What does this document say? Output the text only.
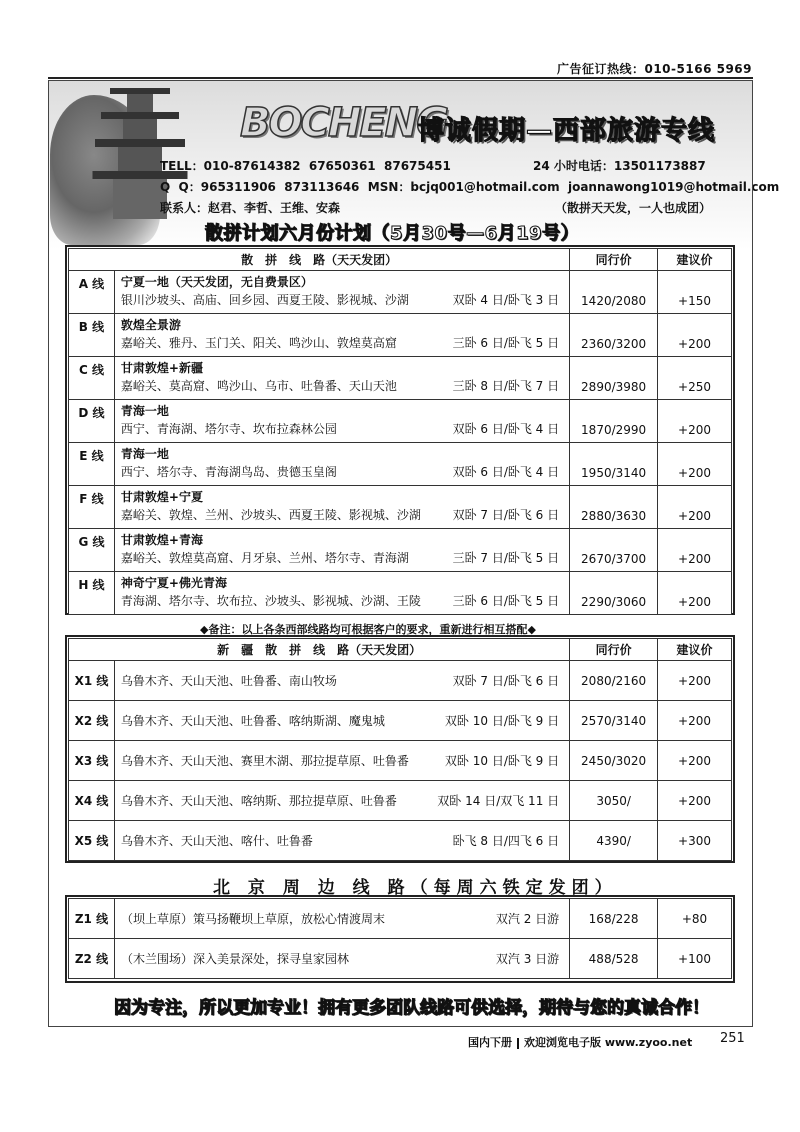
广告征订热线：010-5166 5969
BOCHENG
博诚假期—西部旅游专线
TELL：010-87614382  67650361  87675451	24 小时电话：13501173887
Q  Q：965311906  873113646  MSN：bcjq001@hotmail.com  joannawong1019@hotmail.com
联系人：赵君、李哲、王维、安森	（散拼天天发，一人也成团）
散拼计划六月份计划（5月30号—6月19号）
散　拼　线　路（天天发团）		同行价	建议价
A 线	宁夏一地（天天发团，无自费景区）
银川沙坡头、高庙、回乡园、西夏王陵、影视城、沙湖 双卧 4 日/卧飞 3 日	1420/2080	+150
B 线	敦煌全景游
嘉峪关、雅丹、玉门关、阳关、鸣沙山、敦煌莫高窟 三卧 6 日/卧飞 5 日	2360/3200	+200
C 线	甘肃敦煌+新疆
嘉峪关、莫高窟、鸣沙山、乌市、吐鲁番、天山天池 三卧 8 日/卧飞 7 日	2890/3980	+250
D 线	青海一地
西宁、青海湖、塔尔寺、坎布拉森林公园 双卧 6 日/卧飞 4 日	1870/2990	+200
E 线	青海一地
西宁、塔尔寺、青海湖鸟岛、贵德玉皇阁 双卧 6 日/卧飞 4 日	1950/3140	+200
F 线	甘肃敦煌+宁夏
嘉峪关、敦煌、兰州、沙坡头、西夏王陵、影视城、沙湖 双卧 7 日/卧飞 6 日	2880/3630	+200
G 线	甘肃敦煌+青海
嘉峪关、敦煌莫高窟、月牙泉、兰州、塔尔寺、青海湖 三卧 7 日/卧飞 5 日	2670/3700	+200
H 线	神奇宁夏+佛光青海
青海湖、塔尔寺、坎布拉、沙坡头、影视城、沙湖、王陵 三卧 6 日/卧飞 5 日	2290/3060	+200
◆备注：以上各条西部线路均可根据客户的要求，重新进行相互搭配◆
新　疆　散　拼　线　路（天天发团）		同行价	建议价
X1 线	乌鲁木齐、天山天池、吐鲁番、南山牧场 双卧 7 日/卧飞 6 日	2080/2160	+200
X2 线	乌鲁木齐、天山天池、吐鲁番、喀纳斯湖、魔鬼城 双卧 10 日/卧飞 9 日	2570/3140	+200
X3 线	乌鲁木齐、天山天池、赛里木湖、那拉提草原、吐鲁番 双卧 10 日/卧飞 9 日	2450/3020	+200
X4 线	乌鲁木齐、天山天池、喀纳斯、那拉提草原、吐鲁番 双卧 14 日/双飞 11 日	3050/	+200
X5 线	乌鲁木齐、天山天池、喀什、吐鲁番 卧飞 8 日/四飞 6 日	4390/	+300
北 京 周 边 线 路（每周六铁定发团）
Z1 线	（坝上草原）策马扬鞭坝上草原，放松心情渡周末 双汽 2 日游	168/228	+80
Z2 线	（木兰围场）深入美景深处，探寻皇家园林 双汽 3 日游	488/528	+100
因为专注，所以更加专业！拥有更多团队线路可供选择，期待与您的真诚合作！
国内下册 欢迎浏览电子版 www.zyoo.net 251
